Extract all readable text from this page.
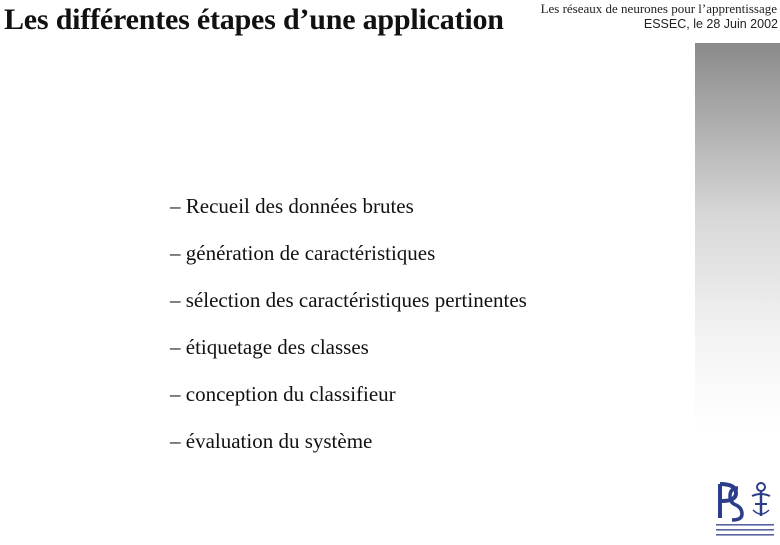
Les différentes étapes d’une application	Les réseaux de neurones pour l’apprentissage
ESSEC, le 28 Juin 2002
– Recueil des données brutes
– génération de caractéristiques
– sélection des caractéristiques pertinentes
– étiquetage des classes
– conception du classifieur
– évaluation du système
